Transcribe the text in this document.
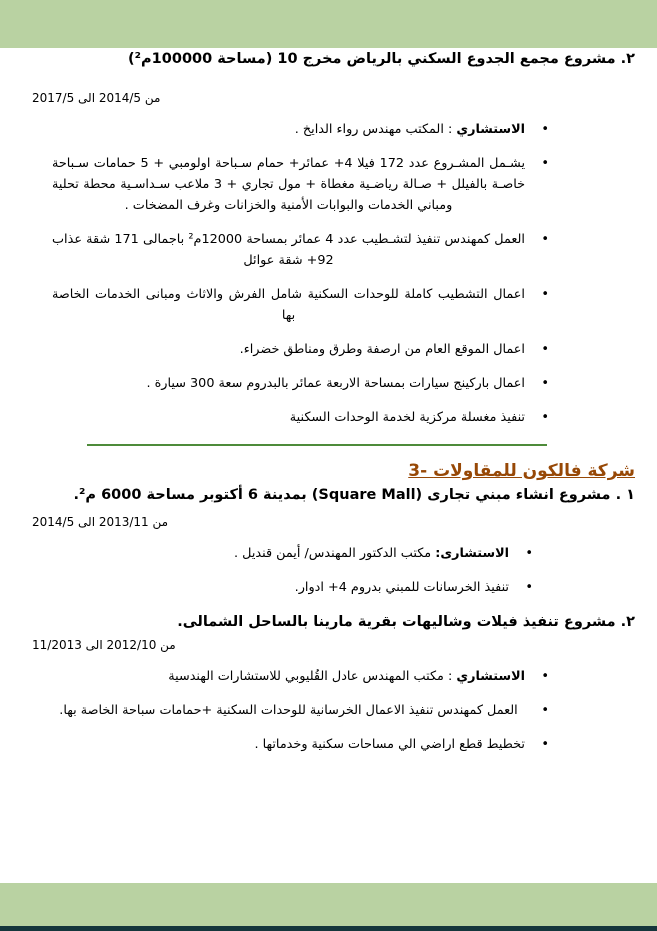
٢. مشروع مجمع الجدوع السكني بالرياض مخرج 10 (مساحة 100000م²)
من 2014/5 الى 2017/5
• الاستشاري : المكتب مهندس رواء الدايخ .
• يشـمل المشـروع عدد 172 فيلا ‎+4 عمائر+ حمام سـباحة اولومبي + 5 حمامات سـباحة خاصـة بالفيلل + صـالة رياضـية مغطاة + مول تجاري + 3 ملاعب سـداسـية محطة تحلية ومباني الخدمات والبوابات الأمنية والخزانات وغرف المضخات .
• العمل كمهندس تنفيذ لتشـطيب عدد 4 عمائر بمساحة 12000م² باجمالى 171 شقة عذاب ‎+92 شقة عوائل
• اعمال التشطيب كاملة للوحدات السكنية شامل الفرش والاثاث ومبانى الخدمات الخاصة بها
• اعمال الموقع العام من ارصفة وطرق ومناطق خضراء.
• اعمال باركينج سيارات بمساحة الاربعة عمائر بالبدروم سعة 300 سيارة .
• تنفيذ مغسلة مركزية لخدمة الوحدات السكنية
3- شركة فالكون للمقاولات
١ . مشروع انشاء مبني تجارى (Square Mall) بمدينة 6 أكتوبر مساحة 6000 م².
من 2013/11 الى 2014/5
• الاستشارى: مكتب الدكتور المهندس/ أيمن قنديل .
• تنفيذ الخرسانات للمبني بدروم ‎+4 ادوار.
٢. مشروع تنفيذ فيلات وشاليهات بقرية مارينا بالساحل الشمالى.
من 2012/10 الى 11/2013
• الاستشاري : مكتب المهندس عادل القُليوبي للاستشارات الهندسية
• العمل كمهندس تنفيذ الاعمال الخرسانية للوحدات السكنية +حمامات سباحة الخاصة بها.
• تخطيط قطع اراضي الي مساحات سكنية وخدماتها .
